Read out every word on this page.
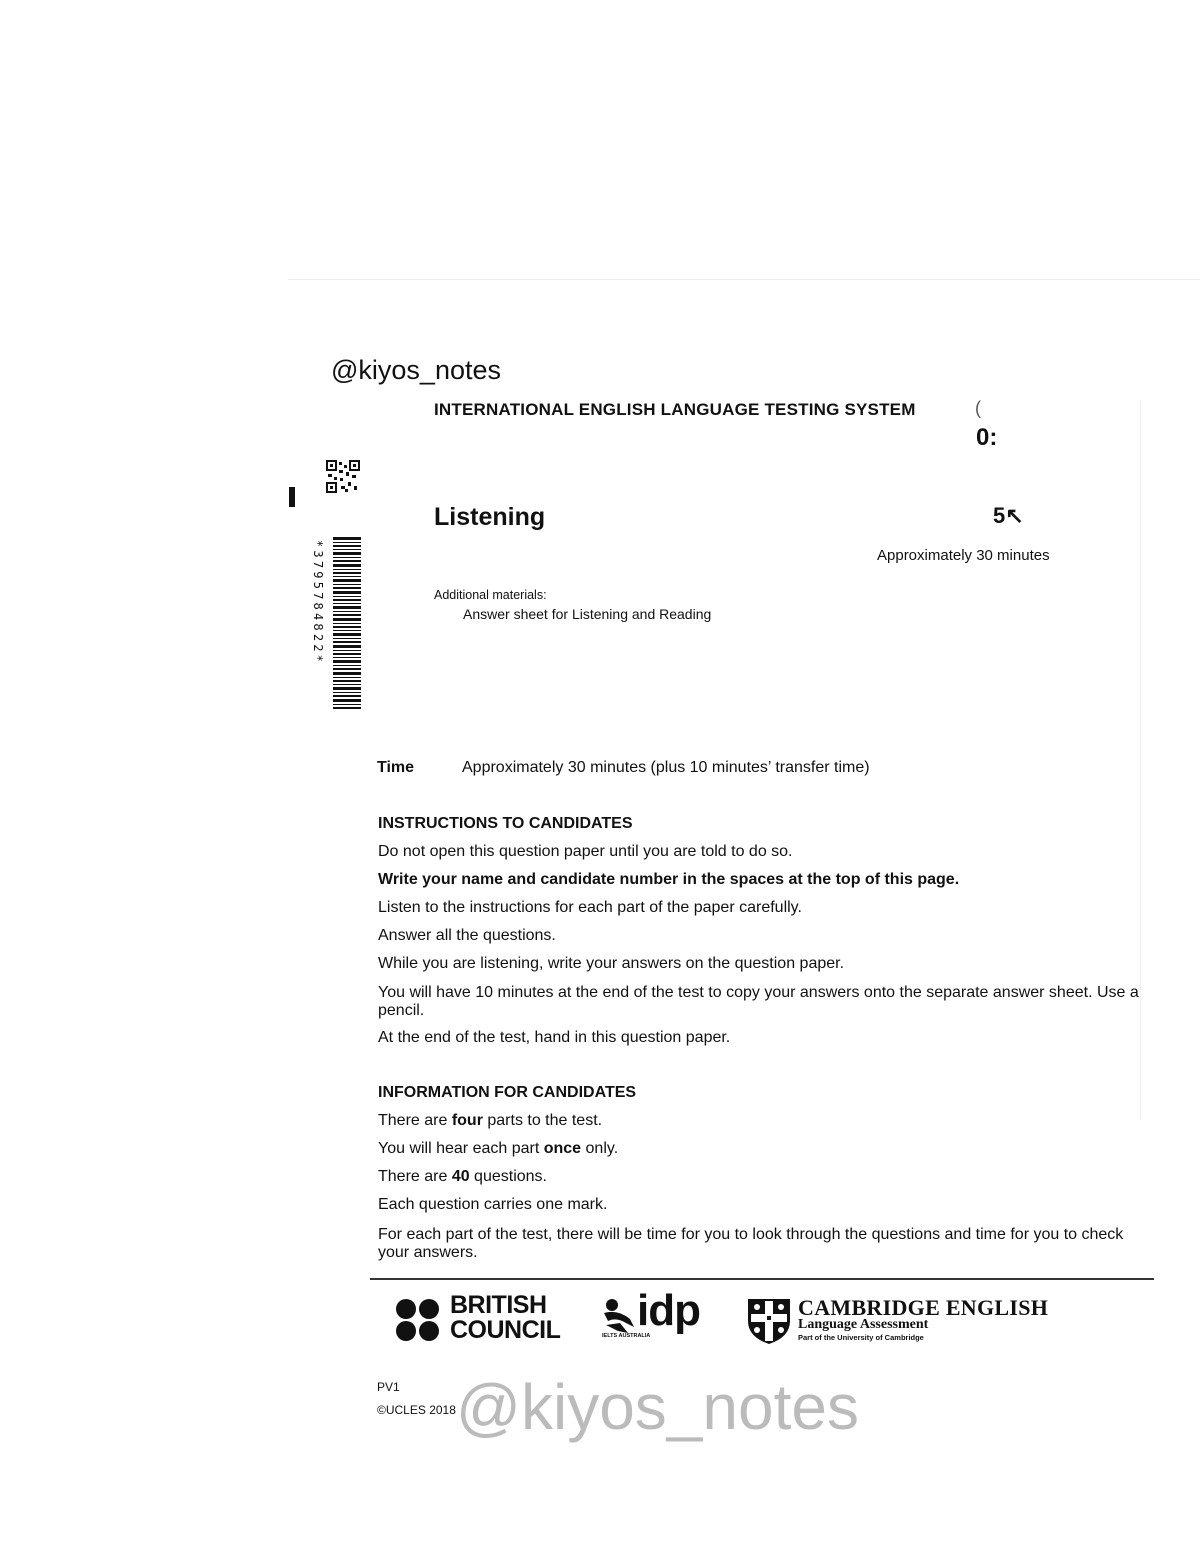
@kiyos_notes
INTERNATIONAL ENGLISH LANGUAGE TESTING SYSTEM	(
0:
5↖
*3795784822*
Listening
Approximately 30 minutes
Additional materials:
Answer sheet for Listening and Reading
Time	Approximately 30 minutes (plus 10 minutes’ transfer time)
INSTRUCTIONS TO CANDIDATES
Do not open this question paper until you are told to do so.
Write your name and candidate number in the spaces at the top of this page.
Listen to the instructions for each part of the paper carefully.
Answer all the questions.
While you are listening, write your answers on the question paper.
You will have 10 minutes at the end of the test to copy your answers onto the separate answer sheet. Use a pencil.
At the end of the test, hand in this question paper.
INFORMATION FOR CANDIDATES
There are four parts to the test.
You will hear each part once only.
There are 40 questions.
Each question carries one mark.
For each part of the test, there will be time for you to look through the questions and time for you to check your answers.
BRITISH
COUNCIL idp
IELTS AUSTRALIA
CAMBRIDGE ENGLISH
Language Assessment
Part of the University of Cambridge
PV1
©UCLES 2018 @kiyos_notes
